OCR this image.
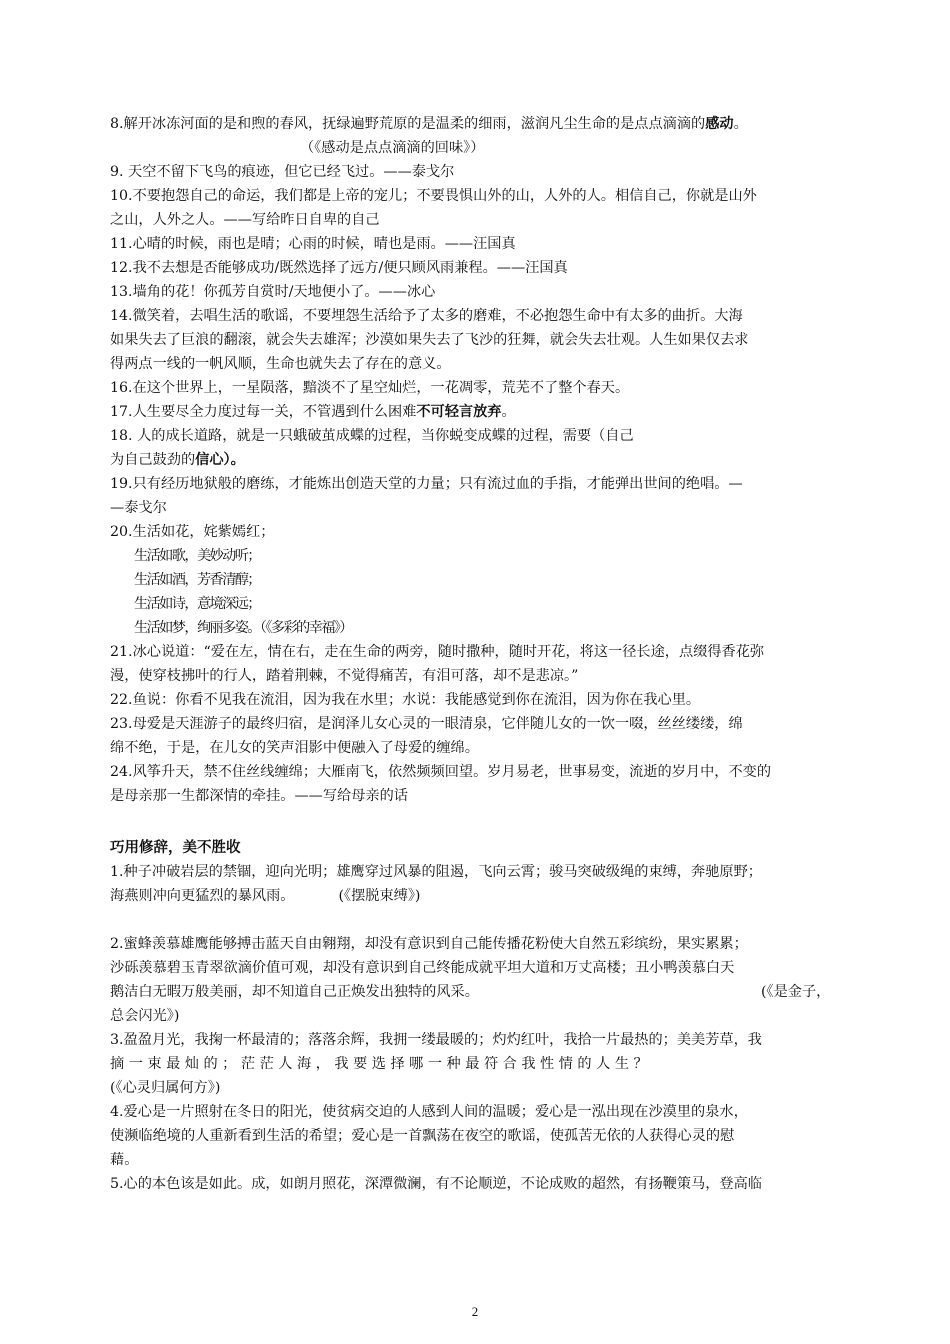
8.解开冰冻河面的是和煦的春风，抚绿遍野荒原的是温柔的细雨，滋润凡尘生命的是点点滴滴的感动。
（《感动是点点滴滴的回味》）
9. 天空不留下飞鸟的痕迹，但它已经飞过。——泰戈尔
10.不要抱怨自己的命运，我们都是上帝的宠儿；不要畏惧山外的山，人外的人。相信自己，你就是山外
之山，人外之人。——写给昨日自卑的自己
11.心晴的时候，雨也是晴；心雨的时候，晴也是雨。——汪国真
12.我不去想是否能够成功/既然选择了远方/便只顾风雨兼程。——汪国真
13.墙角的花！你孤芳自赏时/天地便小了。——冰心
14.微笑着，去唱生活的歌谣，不要埋怨生活给予了太多的磨难，不必抱怨生命中有太多的曲折。大海
如果失去了巨浪的翻滚，就会失去雄浑；沙漠如果失去了飞沙的狂舞，就会失去壮观。人生如果仅去求
得两点一线的一帆风顺，生命也就失去了存在的意义。
16.在这个世界上，一星陨落，黯淡不了星空灿烂，一花凋零，荒芜不了整个春天。
17.人生要尽全力度过每一关，不管遇到什么困难不可轻言放弃。
18. 人的成长道路，就是一只蛾破茧成蝶的过程，当你蜕变成蝶的过程，需要（自己
为自己鼓劲的信心）。
19.只有经历地狱般的磨练，才能炼出创造天堂的力量；只有流过血的手指，才能弹出世间的绝唱。—
—泰戈尔
20.生活如花，姹紫嫣红；
生活如歌，美妙动听；
生活如酒，芳香清醇；
生活如诗，意境深远；
生活如梦，绚丽多姿。（《多彩的幸福》）
21.冰心说道：“爱在左，情在右，走在生命的两旁，随时撒种，随时开花，将这一径长途，点缀得香花弥
漫，使穿枝拂叶的行人，踏着荆棘，不觉得痛苦，有泪可落，却不是悲凉。”
22.鱼说：你看不见我在流泪，因为我在水里；水说：我能感觉到你在流泪，因为你在我心里。
23.母爱是天涯游子的最终归宿，是润泽儿女心灵的一眼清泉，它伴随儿女的一饮一啜，丝丝缕缕，绵
绵不绝，于是，在儿女的笑声泪影中便融入了母爱的缠绵。
24.风筝升天，禁不住丝线缠绵；大雁南飞，依然频频回望。岁月易老，世事易变，流逝的岁月中，不变的
是母亲那一生都深情的牵挂。——写给母亲的话
巧用修辞，美不胜收
1.种子冲破岩层的禁锢，迎向光明；雄鹰穿过风暴的阻遏，飞向云霄；骏马突破级绳的束缚，奔驰原野；
海燕则冲向更猛烈的暴风雨。	(《摆脱束缚》)
2.蜜蜂羡慕雄鹰能够搏击蓝天自由翱翔，却没有意识到自己能传播花粉使大自然五彩缤纷，果实累累；
沙砾羡慕碧玉青翠欲滴价值可观，却没有意识到自己终能成就平坦大道和万丈高楼；丑小鸭羡慕白天
鹅洁白无暇万般美丽，却不知道自己正焕发出独特的风采。	(《是金子，
总会闪光》)
3.盈盈月光，我掬一杯最清的；落落余辉，我拥一缕最暖的；灼灼红叶，我拾一片最热的；美美芳草，我
摘 一 束 最 灿 的 ； 茫 茫 人 海 ， 我 要 选 择 哪 一 种 最 符 合 我 性 情 的 人 生 ？
(《心灵归属何方》)
4.爱心是一片照射在冬日的阳光，使贫病交迫的人感到人间的温暖；爱心是一泓出现在沙漠里的泉水，
使濒临绝境的人重新看到生活的希望；爱心是一首飘荡在夜空的歌谣，使孤苦无依的人获得心灵的慰
藉。
5.心的本色该是如此。成，如朗月照花，深潭微澜，有不论顺逆，不论成败的超然，有扬鞭策马，登高临
2
